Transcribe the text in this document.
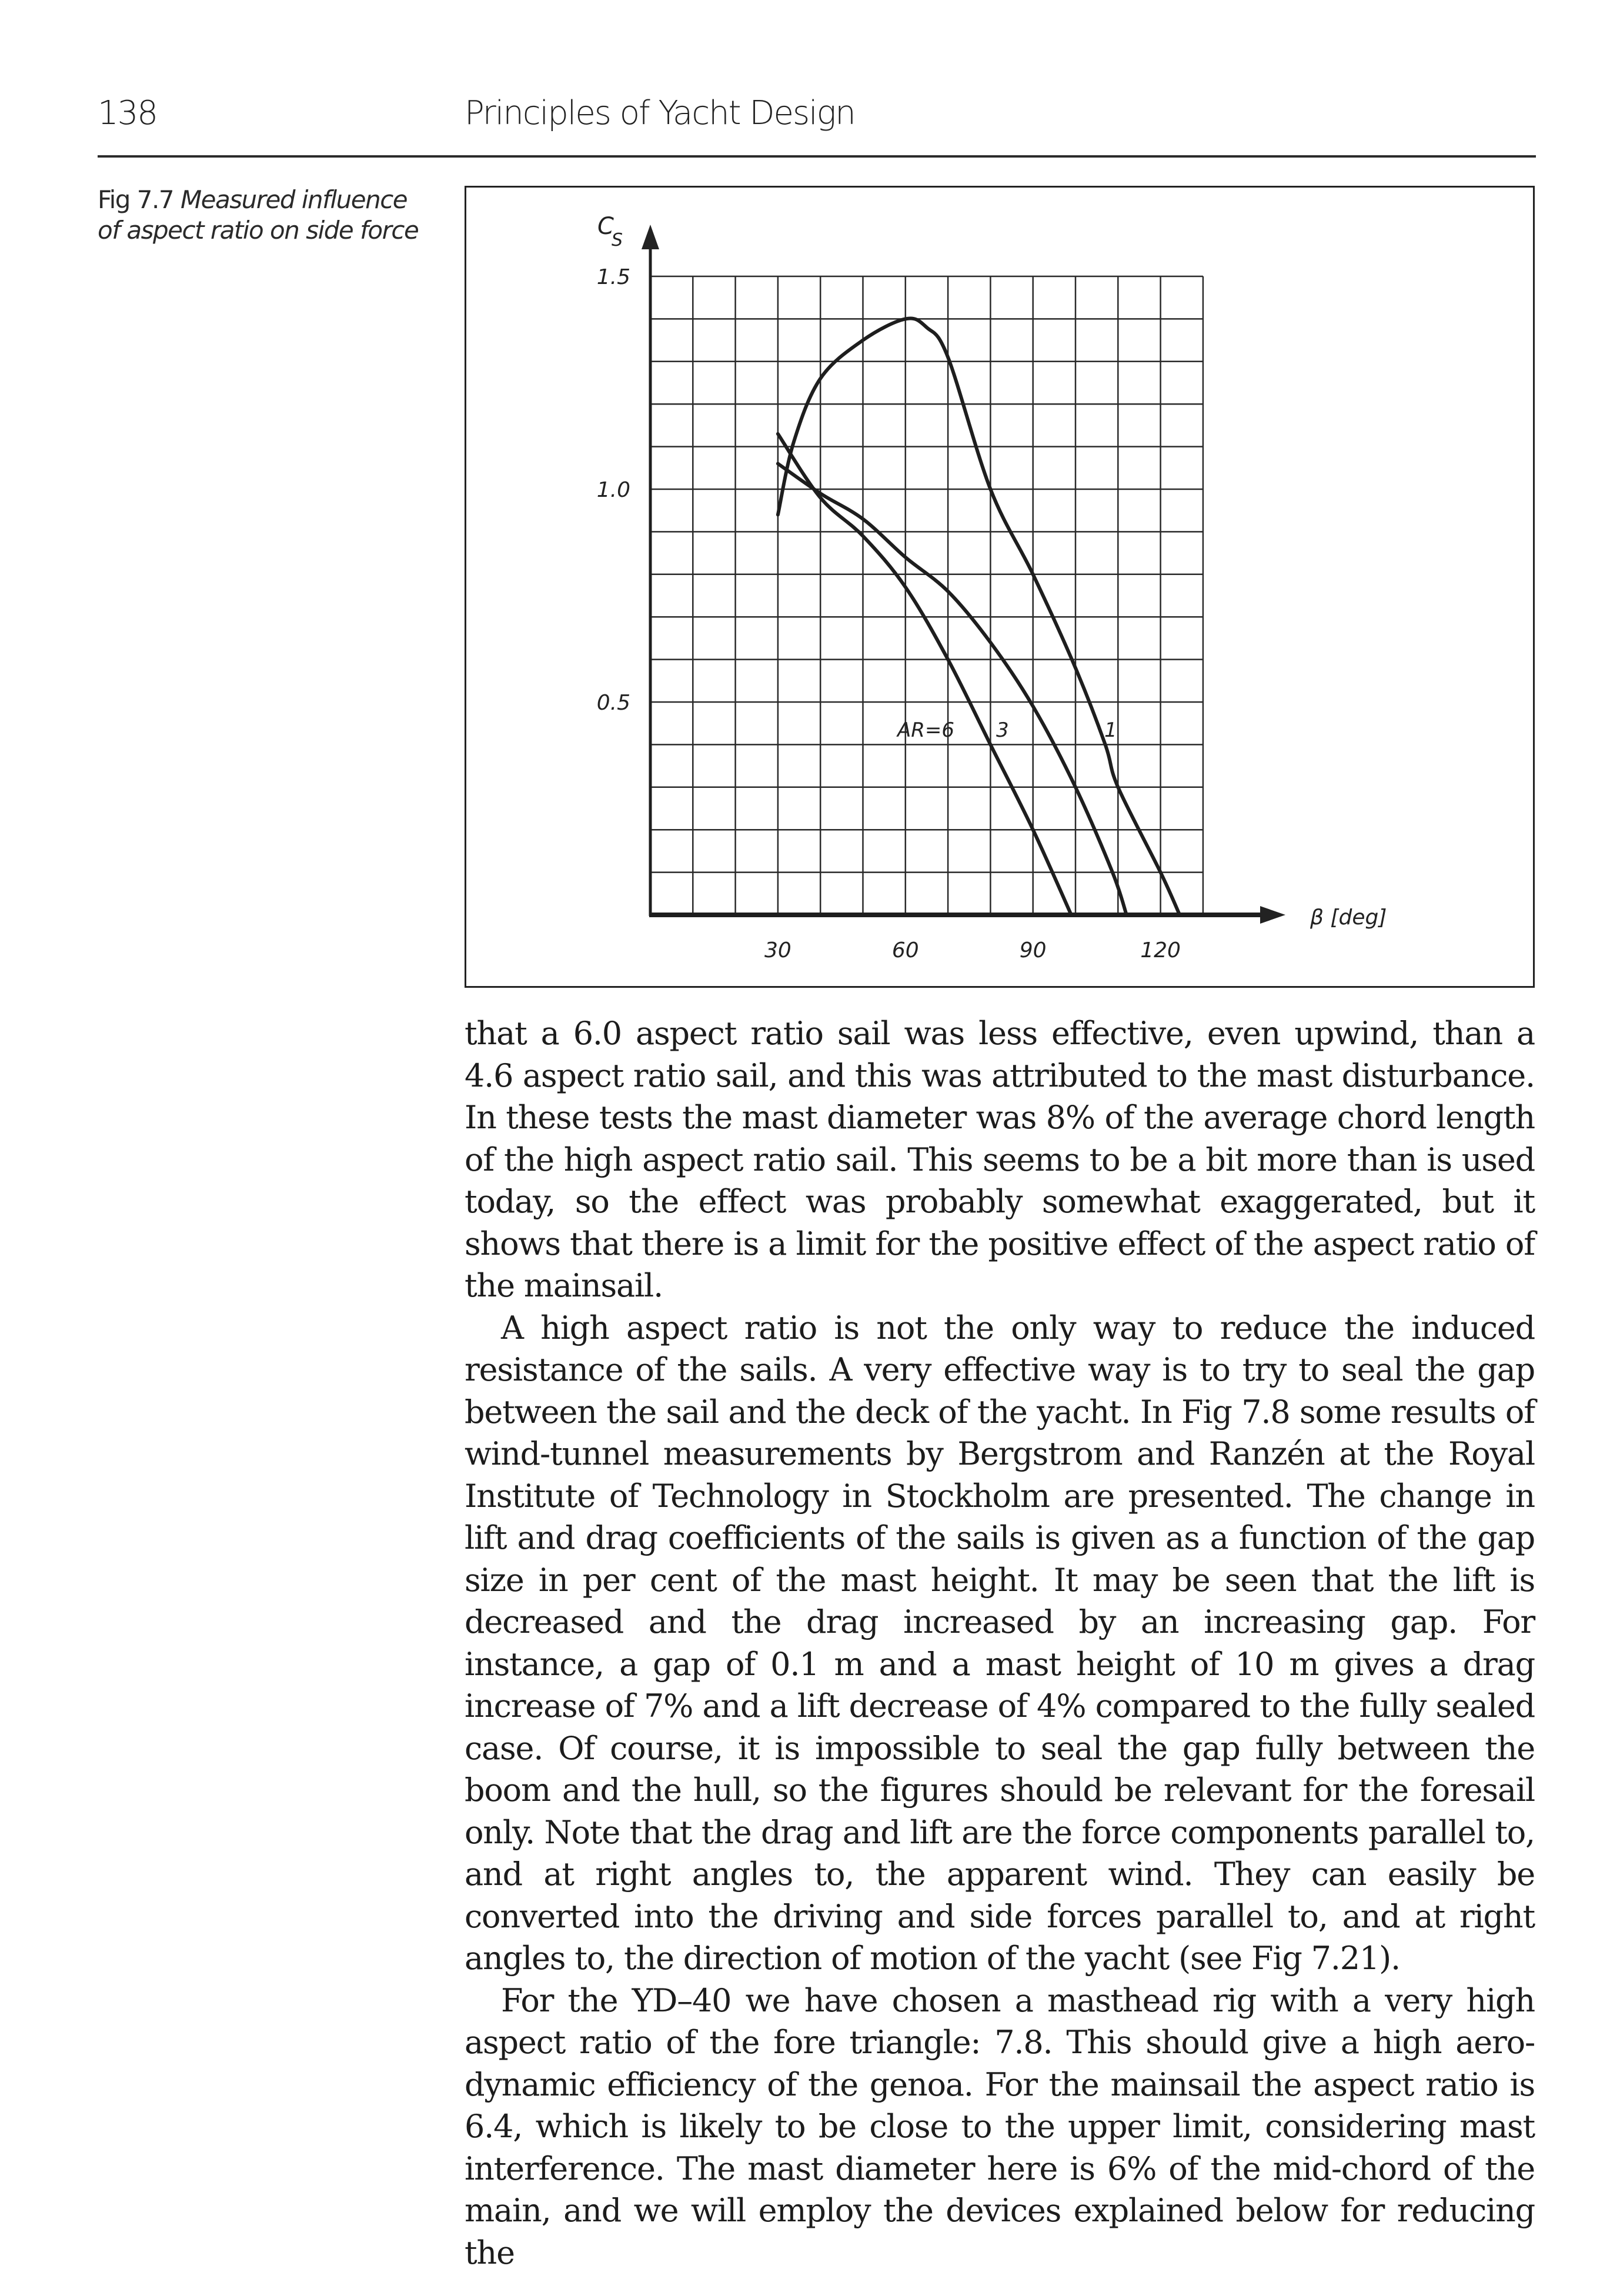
138	Principles of Yacht Design
Fig 7.7 Measured influence of aspect ratio on side force	C
S
0.5
1.0
1.5
30	60	90	120
β [deg]
AR=6 3	1

that a 6.0 aspect ratio sail was less effective, even upwind, than a 4.6 aspect ratio sail, and this was attributed to the mast disturbance. In these tests the mast diameter was 8% of the average chord length of the high aspect ratio sail. This seems to be a bit more than is used today, so the effect was probably somewhat exaggerated, but it shows that there is a limit for the positive effect of the aspect ratio of the mainsail.

A high aspect ratio is not the only way to reduce the induced resistance of the sails. A very effective way is to try to seal the gap between the sail and the deck of the yacht. In Fig 7.8 some results of wind-tunnel measurements by Bergstrom and Ranzén at the Royal Institute of Technology in Stockholm are presented. The change in lift and drag coefficients of the sails is given as a function of the gap size in per cent of the mast height. It may be seen that the lift is decreased and the drag increased by an increasing gap. For instance, a gap of 0.1 m and a mast height of 10 m gives a drag increase of 7% and a lift decrease of 4% compared to the fully sealed case. Of course, it is impossible to seal the gap fully between the boom and the hull, so the figures should be relevant for the foresail only. Note that the drag and lift are the force components parallel to, and at right angles to, the apparent wind. They can easily be converted into the driving and side forces parallel to, and at right angles to, the direction of motion of the yacht (see Fig 7.21).

For the YD–40 we have chosen a masthead rig with a very high aspect ratio of the fore triangle: 7.8. This should give a high aero-dynamic efficiency of the genoa. For the mainsail the aspect ratio is 6.4, which is likely to be close to the upper limit, considering mast interference. The mast diameter here is 6% of the mid-chord of the main, and we will employ the devices explained below for reducing the
